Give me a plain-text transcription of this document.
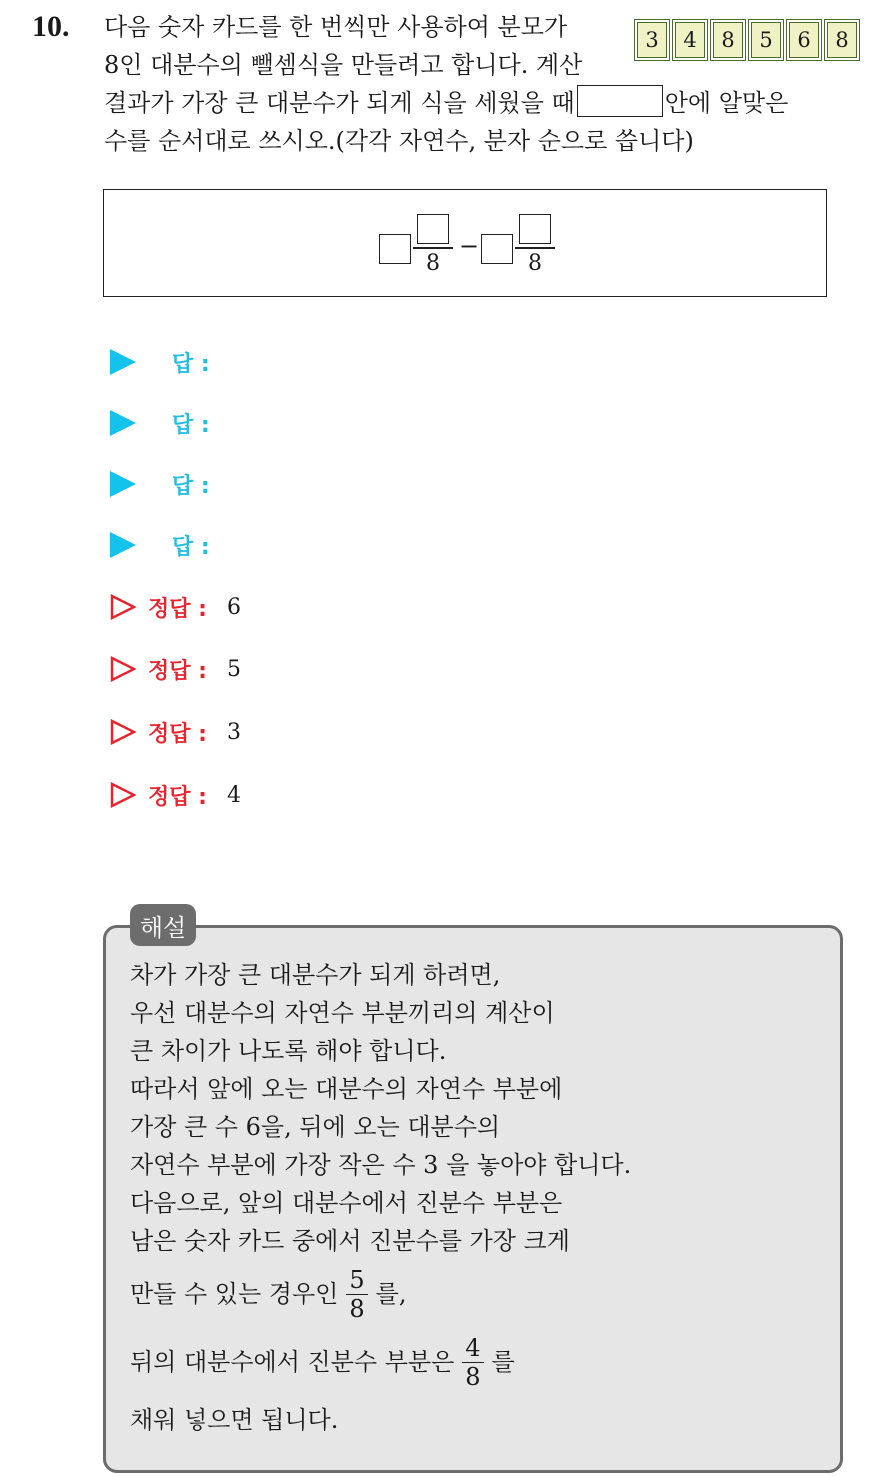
10. 다음 숫자 카드를 한 번씩만 사용하여 분모가
8인 대분수의 뺄셈식을 만들려고 합니다. 계산
결과가 가장 큰 대분수가 되게 식을 세웠을 때	안에 알맞은
수를 순서대로 쓰시오.(각각 자연수, 분자 순으로 씁니다)
3	4	8	5	6	8
8
−
8
답 :
답 :
답 :
답 :
정답 : 6
정답 : 5
정답 : 3
정답 : 4
차가 가장 큰 대분수가 되게 하려면,
우선 대분수의 자연수 부분끼리의 계산이
큰 차이가 나도록 해야 합니다.
따라서 앞에 오는 대분수의 자연수 부분에
가장 큰 수 6을, 뒤에 오는 대분수의
자연수 부분에 가장 작은 수 3 을 놓아야 합니다.
다음으로, 앞의 대분수에서 진분수 부분은
남은 숫자 카드 중에서 진분수를 가장 크게
만들 수 있는 경우인 $\frac{5}{8}$ 를,
뒤의 대분수에서 진분수 부분은 $\frac{4}{8}$ 를
채워 넣으면 됩니다.
해설
